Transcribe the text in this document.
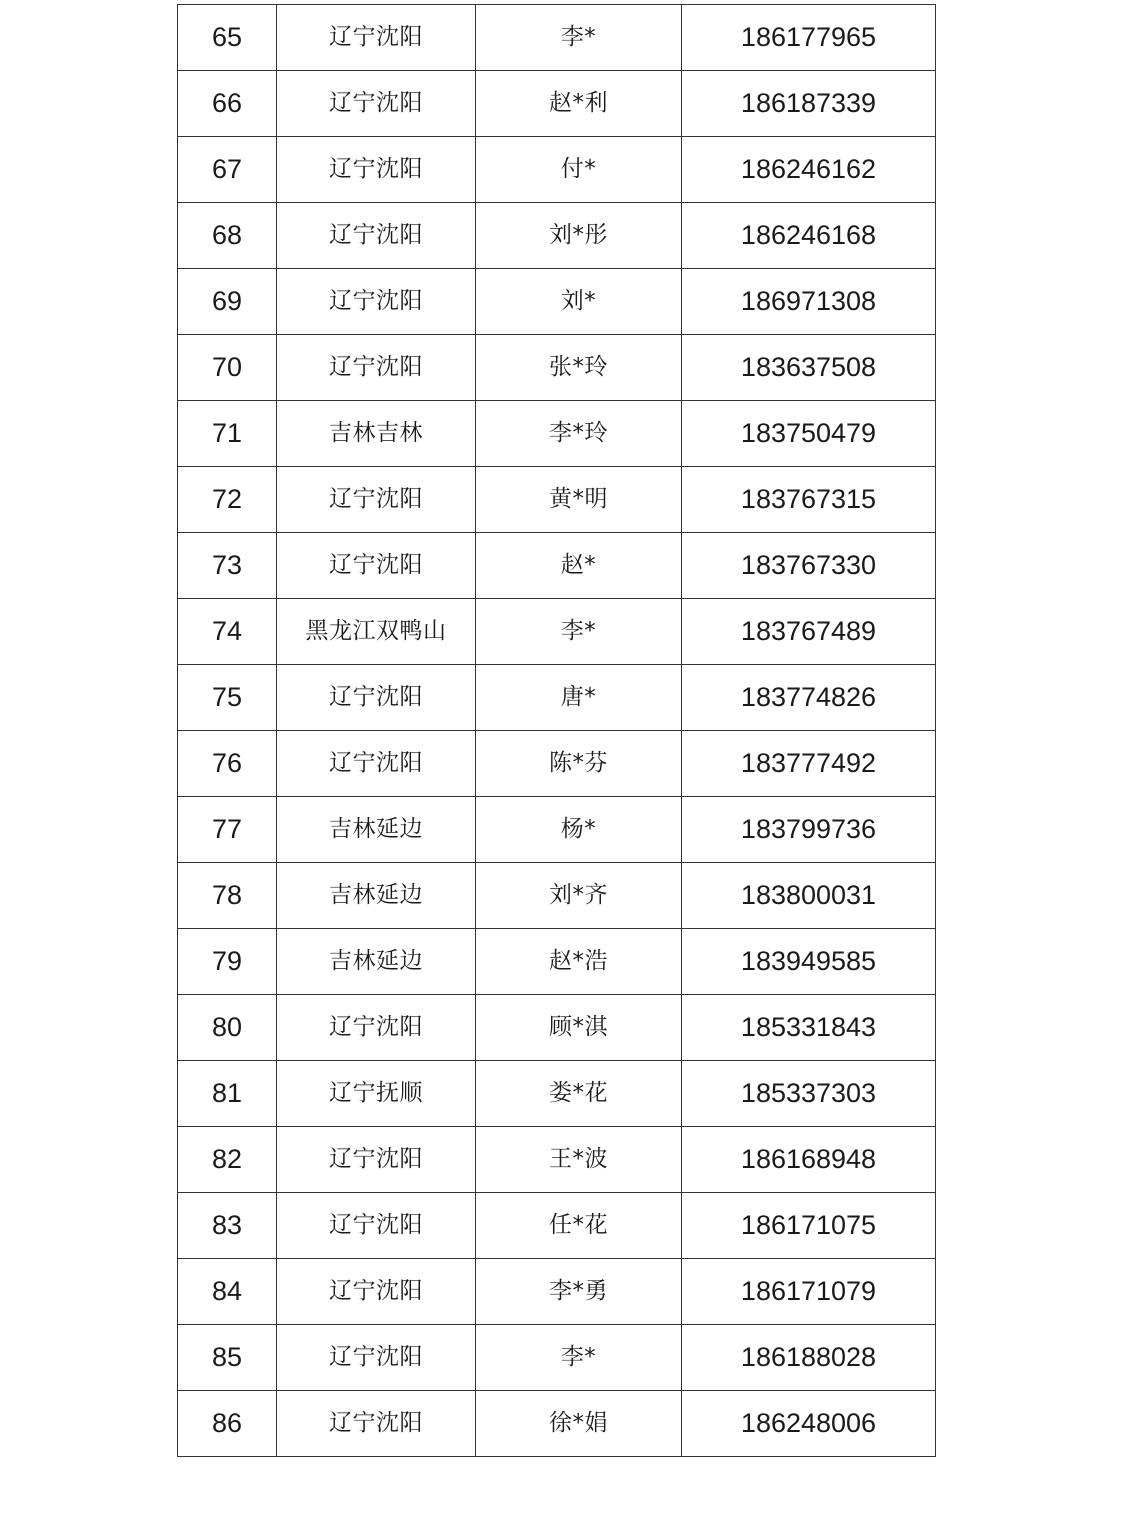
65	辽宁沈阳	李*	186177965
66	辽宁沈阳	赵*利	186187339
67	辽宁沈阳	付*	186246162
68	辽宁沈阳	刘*彤	186246168
69	辽宁沈阳	刘*	186971308
70	辽宁沈阳	张*玲	183637508
71	吉林吉林	李*玲	183750479
72	辽宁沈阳	黄*明	183767315
73	辽宁沈阳	赵*	183767330
74	黑龙江双鸭山	李*	183767489
75	辽宁沈阳	唐*	183774826
76	辽宁沈阳	陈*芬	183777492
77	吉林延边	杨*	183799736
78	吉林延边	刘*齐	183800031
79	吉林延边	赵*浩	183949585
80	辽宁沈阳	顾*淇	185331843
81	辽宁抚顺	娄*花	185337303
82	辽宁沈阳	王*波	186168948
83	辽宁沈阳	任*花	186171075
84	辽宁沈阳	李*勇	186171079
85	辽宁沈阳	李*	186188028
86	辽宁沈阳	徐*娟	186248006
